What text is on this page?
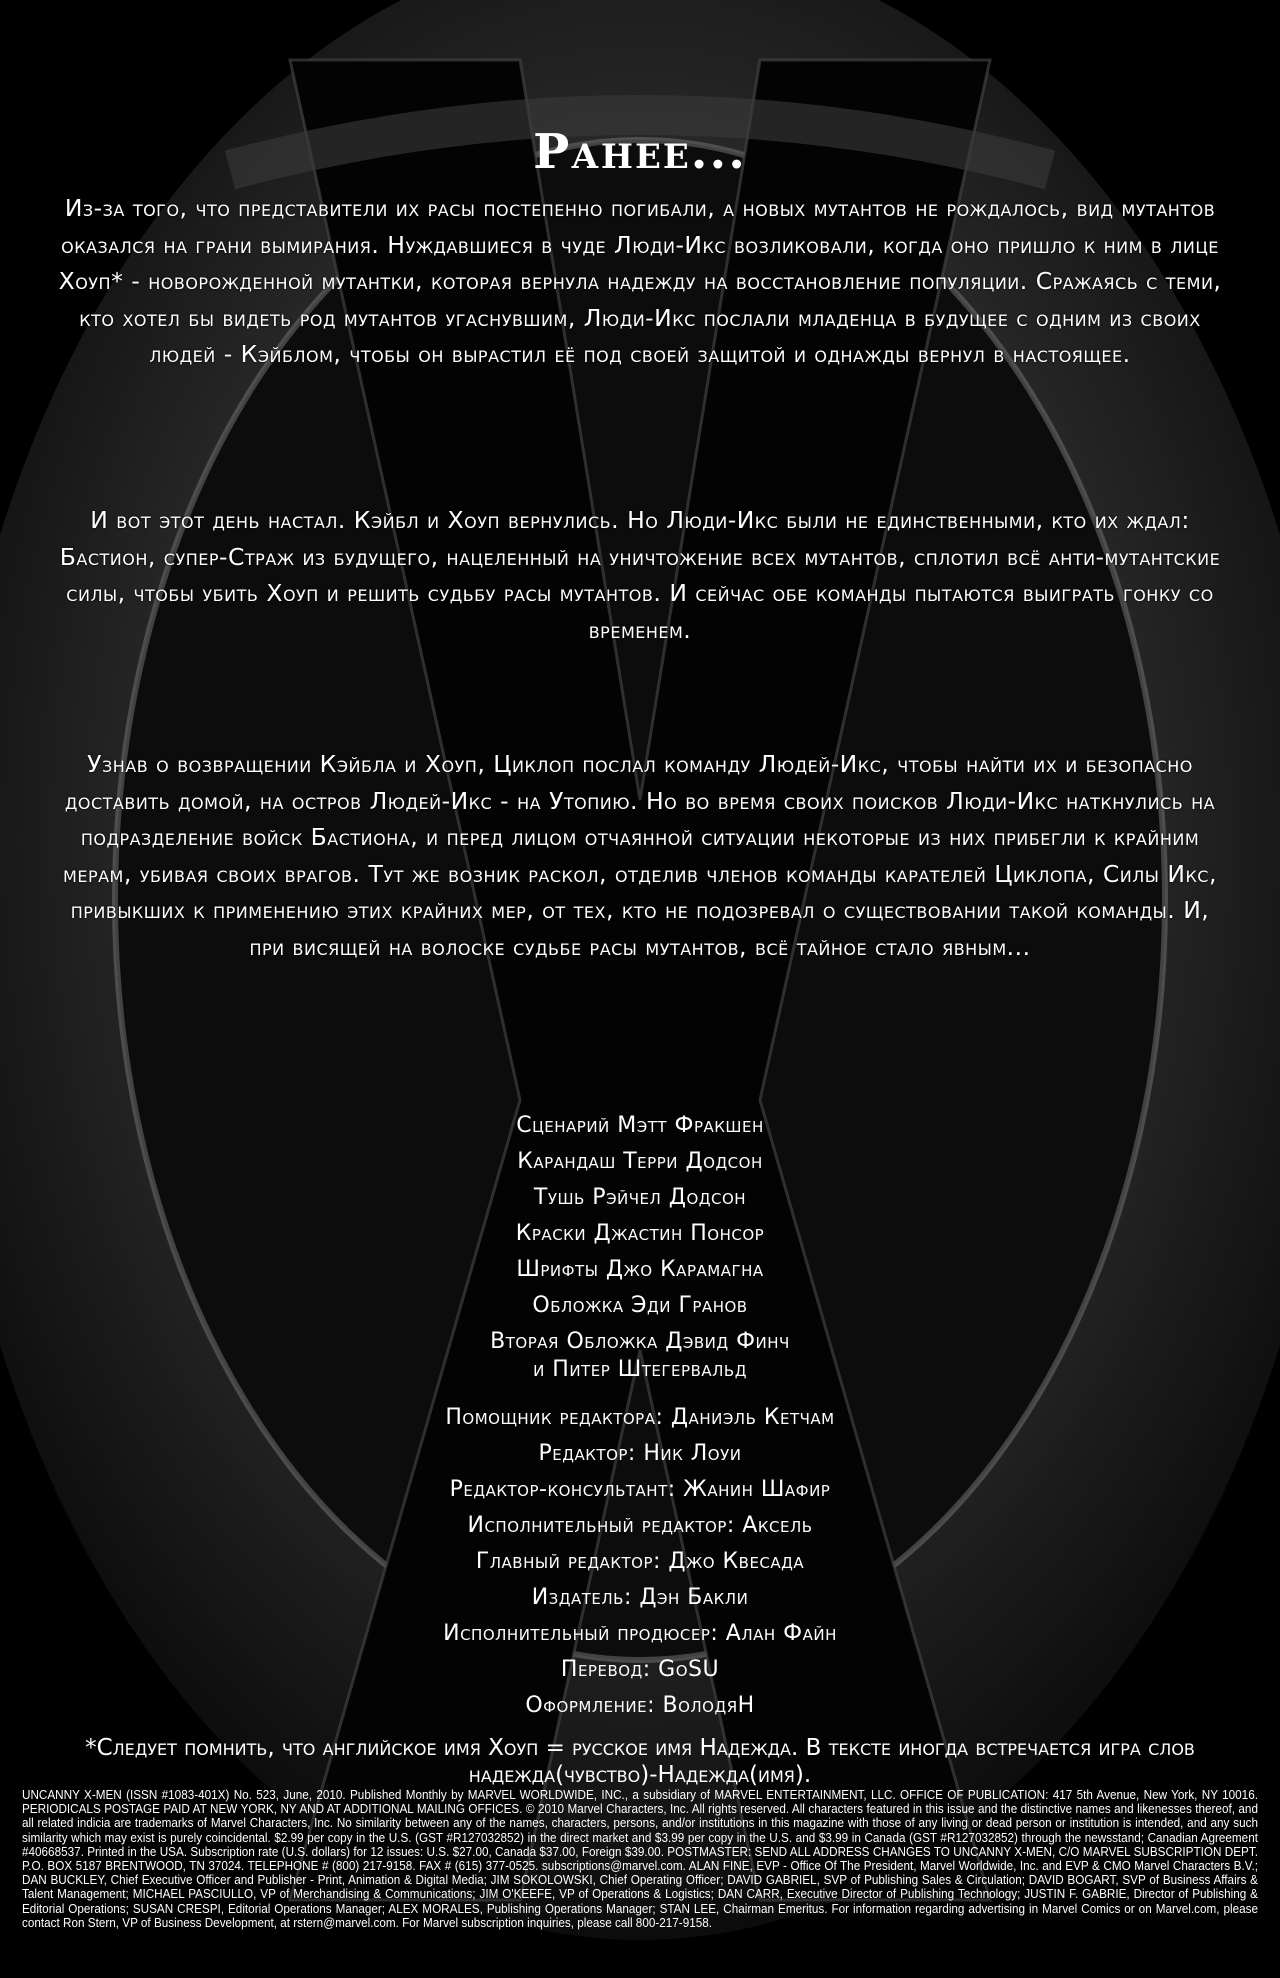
Ранее...

Из-за того, что представители их расы постепенно погибали, а новых мутантов не рождалось, вид мутантов оказался на грани вымирания. Нуждавшиеся в чуде Люди-Икс возликовали, когда оно пришло к ним в лице Хоуп* - новорожденной мутантки, которая вернула надежду на восстановление популяции. Сражаясь с теми, кто хотел бы видеть род мутантов угаснувшим, Люди-Икс послали младенца в будущее с одним из своих людей - Кэйблом, чтобы он вырастил её под своей защитой и однажды вернул в настоящее.

И вот этот день настал. Кэйбл и Хоуп вернулись. Но Люди-Икс были не единственными, кто их ждал: Бастион, супер-Страж из будущего, нацеленный на уничтожение всех мутантов, сплотил всё анти-мутантские силы, чтобы убить Хоуп и решить судьбу расы мутантов. И сейчас обе команды пытаются выиграть гонку со временем.

Узнав о возвращении Кэйбла и Хоуп, Циклоп послал команду Людей-Икс, чтобы найти их и безопасно доставить домой, на остров Людей-Икс - на Утопию. Но во время своих поисков Люди-Икс наткнулись на подразделение войск Бастиона, и перед лицом отчаянной ситуации некоторые из них прибегли к крайним мерам, убивая своих врагов. Тут же возник раскол, отделив членов команды карателей Циклопа, Силы Икс, привыкших к применению этих крайних мер, от тех, кто не подозревал о существовании такой команды. И, при висящей на волоске судьбе расы мутантов, всё тайное стало явным...

Сценарий Мэтт Фракшен
Карандаш Терри Додсон
Тушь Рэйчел Додсон
Краски Джастин Понсор
Шрифты Джо Карамагна
Обложка Эди Гранов
Вторая Обложка Дэвид Финч
и Питер Штегервальд
Помощник редактора: Даниэль Кетчам
Редактор: Ник Лоуи
Редактор-консультант: Жанин Шафир
Исполнительный редактор: Аксель
Главный редактор: Джо Квесада
Издатель: Дэн Бакли
Исполнительный продюсер: Алан Файн
Перевод: GoSU
Оформление: ВолодяН

*Следует помнить, что английское имя Хоуп = русское имя Надежда. В тексте иногда встречается игра слов надежда(чувство)-Надежда(имя).

UNCANNY X-MEN (ISSN #1083-401X) No. 523, June, 2010. Published Monthly by MARVEL WORLDWIDE, INC., a subsidiary of MARVEL ENTERTAINMENT, LLC. OFFICE OF PUBLICATION: 417 5th Avenue, New York, NY 10016. PERIODICALS POSTAGE PAID AT NEW YORK, NY AND AT ADDITIONAL MAILING OFFICES. © 2010 Marvel Characters, Inc. All rights reserved. All characters featured in this issue and the distinctive names and likenesses thereof, and all related indicia are trademarks of Marvel Characters, Inc. No similarity between any of the names, characters, persons, and/or institutions in this magazine with those of any living or dead person or institution is intended, and any such similarity which may exist is purely coincidental. $2.99 per copy in the U.S. (GST #R127032852) in the direct market and $3.99 per copy in the U.S. and $3.99 in Canada (GST #R127032852) through the newsstand; Canadian Agreement #40668537. Printed in the USA. Subscription rate (U.S. dollars) for 12 issues: U.S. $27.00, Canada $37.00, Foreign $39.00. POSTMASTER: SEND ALL ADDRESS CHANGES TO UNCANNY X-MEN, C/O MARVEL SUBSCRIPTION DEPT. P.O. BOX 5187 BRENTWOOD, TN 37024. TELEPHONE # (800) 217-9158. FAX # (615) 377-0525. subscriptions@marvel.com. ALAN FINE, EVP - Office Of The President, Marvel Worldwide, Inc. and EVP & CMO Marvel Characters B.V.; DAN BUCKLEY, Chief Executive Officer and Publisher - Print, Animation & Digital Media; JIM SOKOLOWSKI, Chief Operating Officer; DAVID GABRIEL, SVP of Publishing Sales & Circulation; DAVID BOGART, SVP of Business Affairs & Talent Management; MICHAEL PASCIULLO, VP of Merchandising & Communications; JIM O'KEEFE, VP of Operations & Logistics; DAN CARR, Executive Director of Publishing Technology; JUSTIN F. GABRIE, Director of Publishing & Editorial Operations; SUSAN CRESPI, Editorial Operations Manager; ALEX MORALES, Publishing Operations Manager; STAN LEE, Chairman Emeritus. For information regarding advertising in Marvel Comics or on Marvel.com, please contact Ron Stern, VP of Business Development, at rstern@marvel.com. For Marvel subscription inquiries, please call 800-217-9158.
